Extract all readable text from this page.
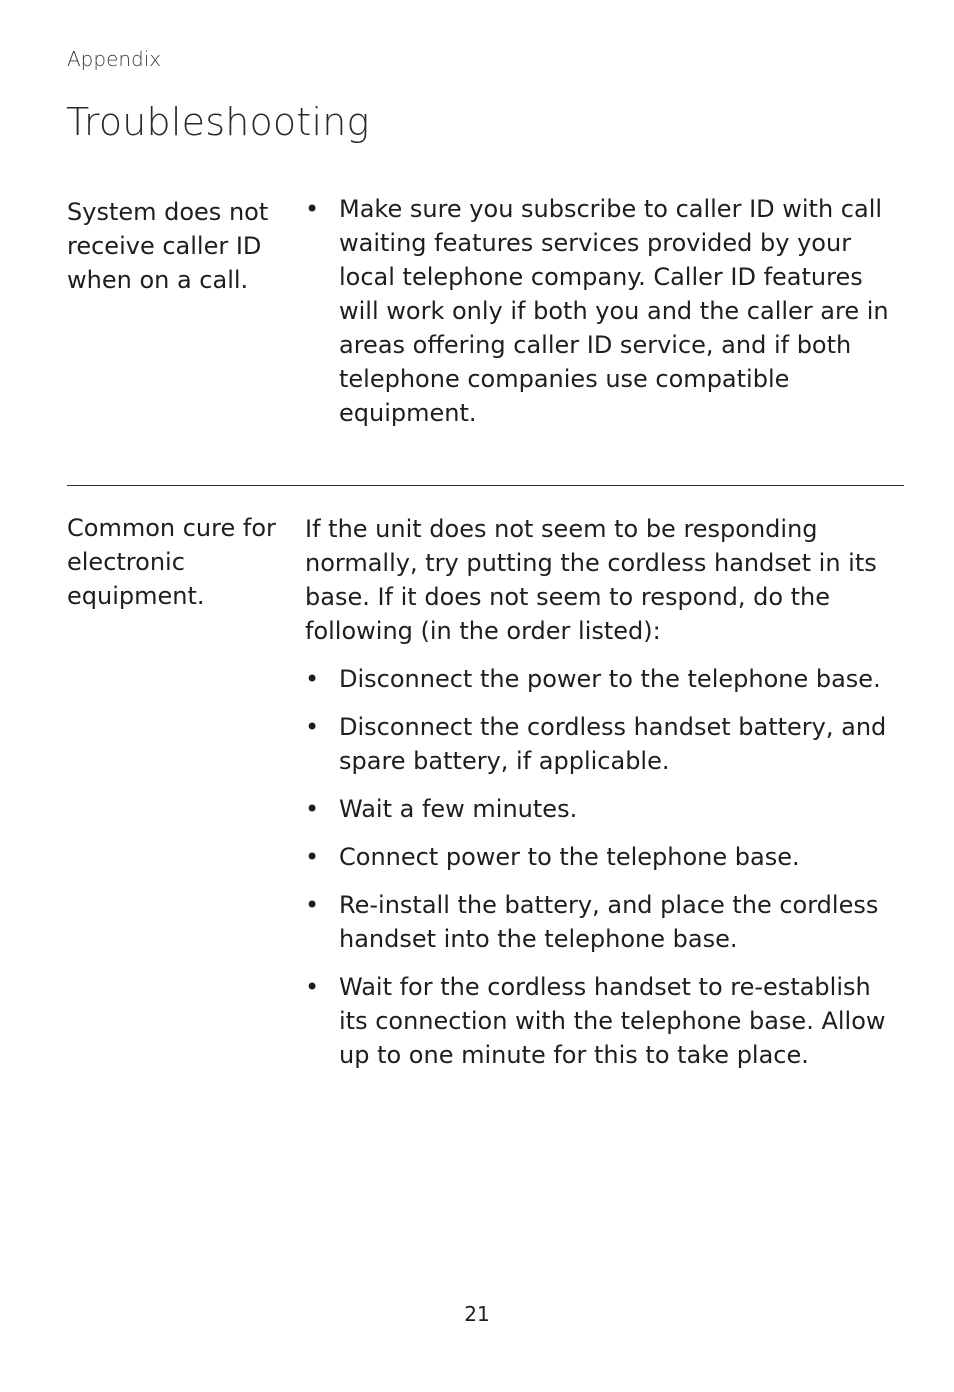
Appendix
Troubleshooting
System does not receive caller ID when on a call.
• Make sure you subscribe to caller ID with call waiting features services provided by your local telephone company. Caller ID features will work only if both you and the caller are in areas offering caller ID service, and if both telephone companies use compatible equipment.
Common cure for electronic equipment.

If the unit does not seem to be responding normally, try putting the cordless handset in its base. If it does not seem to respond, do the following (in the order listed):

• Disconnect the power to the telephone base.
• Disconnect the cordless handset battery, and spare battery, if applicable.
• Wait a few minutes.
• Connect power to the telephone base.
• Re-install the battery, and place the cordless handset into the telephone base.
• Wait for the cordless handset to re-establish its connection with the telephone base. Allow up to one minute for this to take place.
21
